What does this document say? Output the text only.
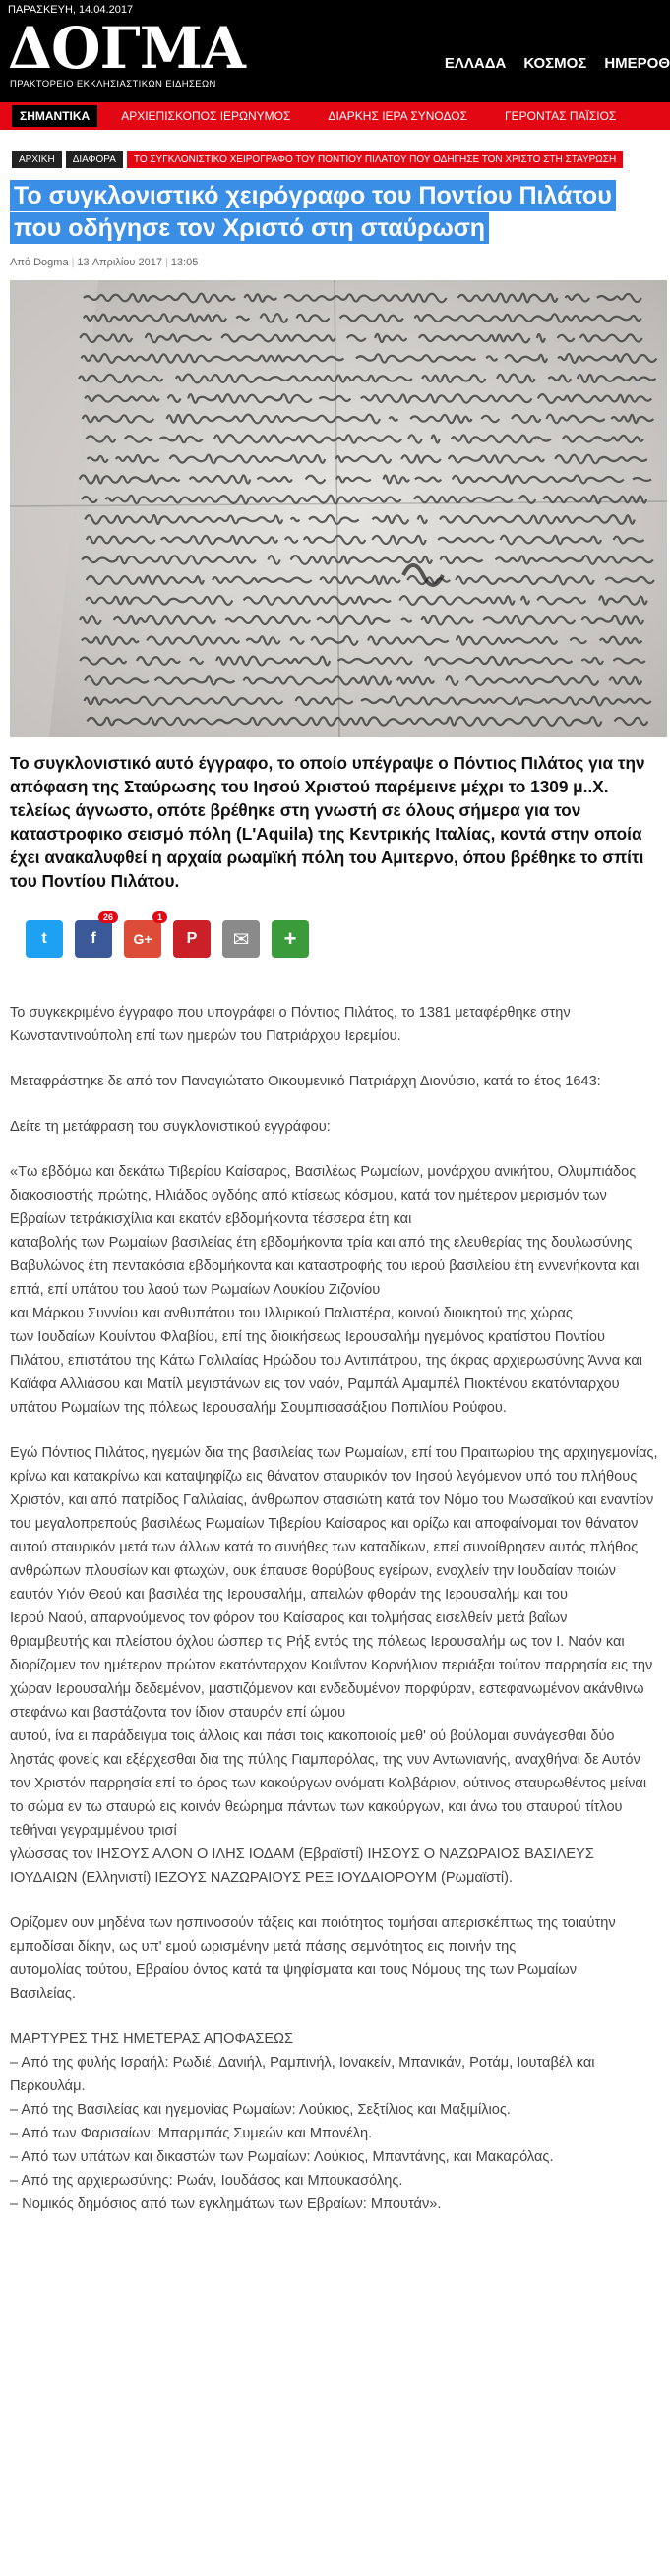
ΠΑΡΑΣΚΕΥΗ, 14.04.2017
ΔΟΓΜΑ
ΠΡΑΚΤΟΡΕΙΟ ΕΚΚΛΗΣΙΑΣΤΙΚΩΝ ΕΙΔΗΣΕΩΝ
ΕΛΛΑΔΑ ΚΟΣΜΟΣ ΗΜΕΡΟΘ
ΣΗΜΑΝΤΙΚΑ	ΑΡΧΙΕΠΙΣΚΟΠΟΣ ΙΕΡΩΝΥΜΟΣ	ΔΙΑΡΚΗΣ ΙΕΡΑ ΣΥΝΟΔΟΣ	ΓΕΡΟΝΤΑΣ ΠΑΪΣΙΟΣ
ΑΡΧΙΚΗ	ΔΙΑΦΟΡΑ	ΤΟ ΣΥΓΚΛΟΝΙΣΤΙΚΟ ΧΕΙΡΟΓΡΑΦΟ ΤΟΥ ΠΟΝΤΙΟΥ ΠΙΛΑΤΟΥ ΠΟΥ ΟΔΗΓΗΣΕ ΤΟΝ ΧΡΙΣΤΟ ΣΤΗ ΣΤΑΥΡΩΣΗ
Το συγκλονιστικό χειρόγραφο του Ποντίου Πιλάτου που οδήγησε τον Χριστό στη σταύρωση
Από Dogma | 13 Απριλίου 2017 | 13:05
Το συγκλονιστικό αυτό έγγραφο, το οποίο υπέγραψε ο Πόντιος Πιλάτος για την απόφαση της Σταύρωσης του Ιησού Χριστού παρέμεινε μέχρι το 1309 μ..Χ. τελείως άγνωστο, οπότε βρέθηκε στη γνωστή σε όλους σήμερα για τον καταστροφικο σεισμό πόλη (L'Aquila) της Κεντρικής Ιταλίας, κοντά στην οποία έχει ανακαλυφθεί η αρχαία ρωαμϊκή πόλη του Αμιτερνο, όπου βρέθηκε το σπίτι του Ποντίου Πιλάτου.
t	f
26
G+
1
P ✉ +

Το συγκεκριμένο έγγραφο που υπογράφει ο Πόντιος Πιλάτος, το 1381 μεταφέρθηκε στην Κωνσταντινούπολη επί των ημερών του Πατριάρχου Ιερεμίου.

Μεταφράστηκε δε από τον Παναγιώτατο Οικουμενικό Πατριάρχη Διονύσιο, κατά το έτος 1643:

Δείτε τη μετάφραση του συγκλονιστικού εγγράφου:

«Τω εβδόμω και δεκάτω Τιβερίου Καίσαρος, Βασιλέως Ρωμαίων, μονάρχου ανικήτου, Ολυμπιάδος διακοσιοστής πρώτης, Ηλιάδος ογδόης από κτίσεως κόσμου, κατά τον ημέτερον μερισμόν των Εβραίων τετράκισχίλια και εκατόν εβδομήκοντα τέσσερα έτη και
καταβολής των Ρωμαίων βασιλείας έτη εβδομήκοντα τρία και από της ελευθερίας της δουλωσύνης Βαβυλώνος έτη πεντακόσια εβδομήκοντα και καταστροφής του ιερού βασιλείου έτη εννενήκοντα και επτά, επί υπάτου του λαού των Ρωμαίων Λουκίου Ζιζονίου
και Μάρκου Συννίου και ανθυπάτου του Ιλλιρικού Παλιστέρα, κοινού διοικητού της χώρας
των Ιουδαίων Κουίντου Φλαβίου, επί της διοικήσεως Ιερουσαλήμ ηγεμόνος κρατίστου Ποντίου Πιλάτου, επιστάτου της Κάτω Γαλιλαίας Ηρώδου του Αντιπάτρου, της άκρας αρχιερωσύνης Άννα και Καϊάφα Αλλιάσου και Ματίλ μεγιστάνων εις τον ναόν, Ραμπάλ Αμαμπέλ Πιοκτένου εκατόνταρχου υπάτου Ρωμαίων της πόλεως Ιερουσαλήμ Σουμπισασάξιου Ποπιλίου Ρούφου.

Εγώ Πόντιος Πιλάτος, ηγεμών δια της βασιλείας των Ρωμαίων, επί του Πραιτωρίου της αρχιηγεμονίας, κρίνω και κατακρίνω και καταψηφίζω εις θάνατον σταυρικόν τον Ιησού λεγόμενον υπό του πλήθους Χριστόν, και από πατρίδος Γαλιλαίας, άνθρωπον στασιώτη κατά τον Νόμο του Μωσαϊκού και εναντίον του μεγαλοπρεπούς βασιλέως Ρωμαίων Τιβερίου Καίσαρος και ορίζω και αποφαίνομαι τον θάνατον αυτού σταυρικόν μετά των άλλων κατά το συνήθες των καταδίκων, επεί συνοίθρησεν αυτός πλήθος ανθρώπων πλουσίων και φτωχών, ουκ έπαυσε θορύβους εγείρων, ενοχλείν την Ιουδαίαν ποιών εαυτόν Υιόν Θεού και βασιλέα της Ιερουσαλήμ, απειλών φθοράν της Ιερουσαλήμ και του
Ιερού Ναού, απαρνούμενος τον φόρον του Καίσαρος και τολμήσας εισελθείν μετά βαΐων
θριαμβευτής και πλείστου όχλου ώσπερ τις Ρήξ εντός της πόλεως Ιερουσαλήμ ως τον Ι. Ναόν και διορίζομεν τον ημέτερον πρώτον εκατόνταρχον Κουΐντον Κορνήλιον περιάξαι τούτον παρρησία εις την χώραν Ιερουσαλήμ δεδεμένον, μαστιζόμενον και ενδεδυμένον πορφύραν, εστεφανωμένον ακάνθινω στεφάνω και βαστάζοντα τον ίδιον σταυρόν επί ώμου
αυτού, ίνα ει παράδειγμα τοις άλλοις και πάσι τοις κακοποιοίς μεθ' ού βούλομαι συνάγεσθαι δύο ληστάς φονείς και εξέρχεσθαι δια της πύλης Γιαμπαρόλας, της νυν Αντωνιανής, αναχθήναι δε Αυτόν τον Χριστόν παρρησία επί το όρος των κακούργων ονόματι Κολβάριον, ούτινος σταυρωθέντος μείναι το σώμα εν τω σταυρώ εις κοινόν θεώρημα πάντων των κακούργων, και άνω του σταυρού τίτλου τεθήναι γεγραμμένου τρισί
γλώσσας τον ΙΗΣΟΥΣ ΑΛΟΝ Ο ΙΛΗΣ ΙΟΔΑΜ (Εβραϊστί) ΙΗΣΟΥΣ Ο ΝΑΖΩΡΑΙΟΣ ΒΑΣΙΛΕΥΣ ΙΟΥΔΑΙΩΝ (Ελληνιστί) ΙΕΖΟΥΣ ΝΑΖΩΡΑΙΟΥΣ ΡΕΞ ΙΟΥΔΑΙΟΡΟΥΜ (Ρωμαϊστί).

Ορίζομεν ουν μηδένα των ησπινοσούν τάξεις και ποιότητος τομήσαι απερισκέπτως της τοιαύτην εμποδίσαι δίκην, ως υπ' εμού ωρισμένην μετά πάσης σεμνότητος εις ποινήν της
αυτομολίας τούτου, Εβραίου όντος κατά τα ψηφίσματα και τους Νόμους της των Ρωμαίων
Βασιλείας.

ΜΑΡΤΥΡΕΣ ΤΗΣ ΗΜΕΤΕΡΑΣ ΑΠΟΦΑΣΕΩΣ

– Από της φυλής Ισραήλ: Ρωδιέ, Δανιήλ, Ραμπινήλ, Ιονακείν, Μπανικάν, Ροτάμ, Ιουταβέλ και Περκουλάμ.

– Από της Βασιλείας και ηγεμονίας Ρωμαίων: Λούκιος, Σεξτίλιος και Μαξιμίλιος.

– Από των Φαρισαίων: Μπαρμπάς Συμεών και Μπονέλη.

– Από των υπάτων και δικαστών των Ρωμαίων: Λούκιος, Μπαντάνης, και Μακαρόλας.

– Από της αρχιερωσύνης: Ρωάν, Ιουδάσος και Μπουκασόλης.

– Νομικός δημόσιος από των εγκλημάτων των Εβραίων: Μπουτάν».
